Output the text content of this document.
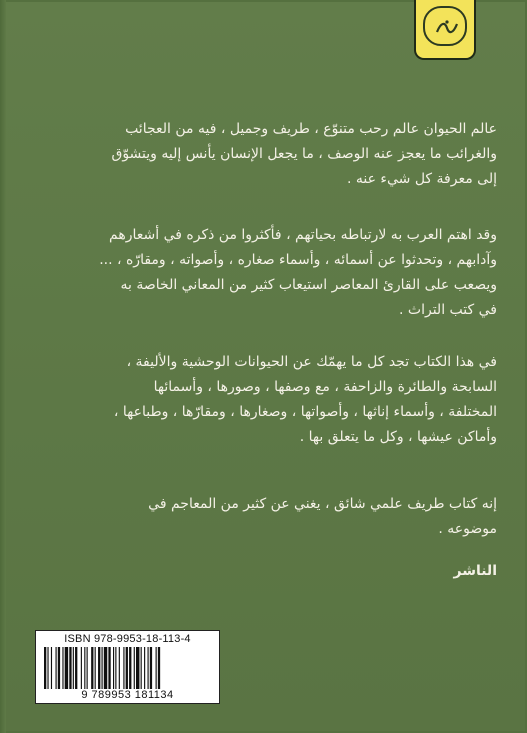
عالم الحيوان عالم رحب متنوّع ، طريف وجميل ، فيه من العجائب
والغرائب ما يعجز عنه الوصف ، ما يجعل الإنسان يأنس إليه ويتشوّق
إلى معرفة كل شيء عنه .
وقد اهتم العرب به لارتباطه بحياتهم ، فأكثروا من ذكره في أشعارهم
وآدابهم ، وتحدثوا عن أسمائه ، وأسماء صغاره ، وأصواته ، ومقارّه ، ...
ويصعب على القارئ المعاصر استيعاب كثير من المعاني الخاصة به
في كتب التراث .
في هذا الكتاب تجد كل ما يهمّك عن الحيوانات الوحشية والأليفة ،
السابحة والطائرة والزاحفة ، مع وصفها ، وصورها ، وأسمائها
المختلفة ، وأسماء إناثها ، وأصواتها ، وصغارها ، ومقارّها ، وطباعها ،
وأماكن عيشها ، وكل ما يتعلق بها .
إنه كتاب طريف علمي شائق ، يغني عن كثير من المعاجم في
موضوعه .
الناشر
ISBN 978-9953-18-113-4
9 789953 181134
